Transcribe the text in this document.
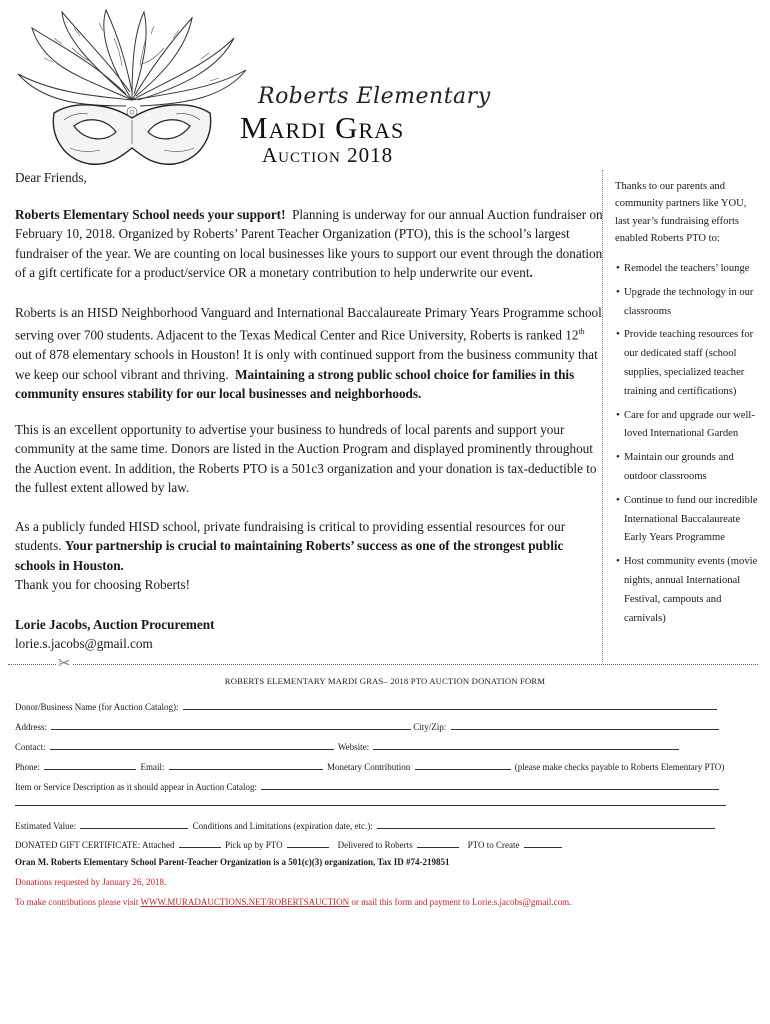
Roberts Elementary
Mardi Gras
Auction 2018
Dear Friends,
Roberts Elementary School needs your support! Planning is underway for our annual Auction fundraiser on February 10, 2018. Organized by Roberts’ Parent Teacher Organization (PTO), this is the school’s largest fundraiser of the year. We are counting on local businesses like yours to support our event through the donation of a gift certificate for a product/service OR a monetary contribution to help underwrite our event.
Roberts is an HISD Neighborhood Vanguard and International Baccalaureate Primary Years Programme school serving over 700 students. Adjacent to the Texas Medical Center and Rice University, Roberts is ranked 12th out of 878 elementary schools in Houston! It is only with continued support from the business community that we keep our school vibrant and thriving. Maintaining a strong public school choice for families in this community ensures stability for our local businesses and neighborhoods.
This is an excellent opportunity to advertise your business to hundreds of local parents and support your community at the same time. Donors are listed in the Auction Program and displayed prominently throughout the Auction event. In addition, the Roberts PTO is a 501c3 organization and your donation is tax-deductible to the fullest extent allowed by law.
As a publicly funded HISD school, private fundraising is critical to providing essential resources for our students. Your partnership is crucial to maintaining Roberts’ success as one of the strongest public schools in Houston.
Thank you for choosing Roberts!
Lorie Jacobs, Auction Procurement
lorie.s.jacobs@gmail.com
Thanks to our parents and community partners like YOU, last year’s fundraising efforts enabled Roberts PTO to:
• Remodel the teachers’ lounge
• Upgrade the technology in our classrooms
• Provide teaching resources for our dedicated staff (school supplies, specialized teacher training and certifications)
• Care for and upgrade our well-loved International Garden
• Maintain our grounds and outdoor classrooms
• Continue to fund our incredible International Baccalaureate Early Years Programme
• Host community events (movie nights, annual International Festival, campouts and carnivals)
✂
ROBERTS ELEMENTARY MARDI GRAS– 2018 PTO AUCTION DONATION FORM
Donor/Business Name (for Auction Catalog):
Address:	City/Zip:
Contact:	Website:
Phone:	Email:	Monetary Contribution	(please make checks payable to Roberts Elementary PTO)
Item or Service Description as it should appear in Auction Catalog:
Estimated Value:	Conditions and Limitations (expiration date, etc.):
DONATED GIFT CERTIFICATE: Attached	Pick up by PTO	Delivered to Roberts	PTO to Create
Oran M. Roberts Elementary School Parent-Teacher Organization is a 501(c)(3) organization, Tax ID #74-219851
Donations requested by January 26, 2018.
To make contributions please visit WWW.MURADAUCTIONS.NET/ROBERTSAUCTION or mail this form and payment to Lorie.s.jacobs@gmail.com.
